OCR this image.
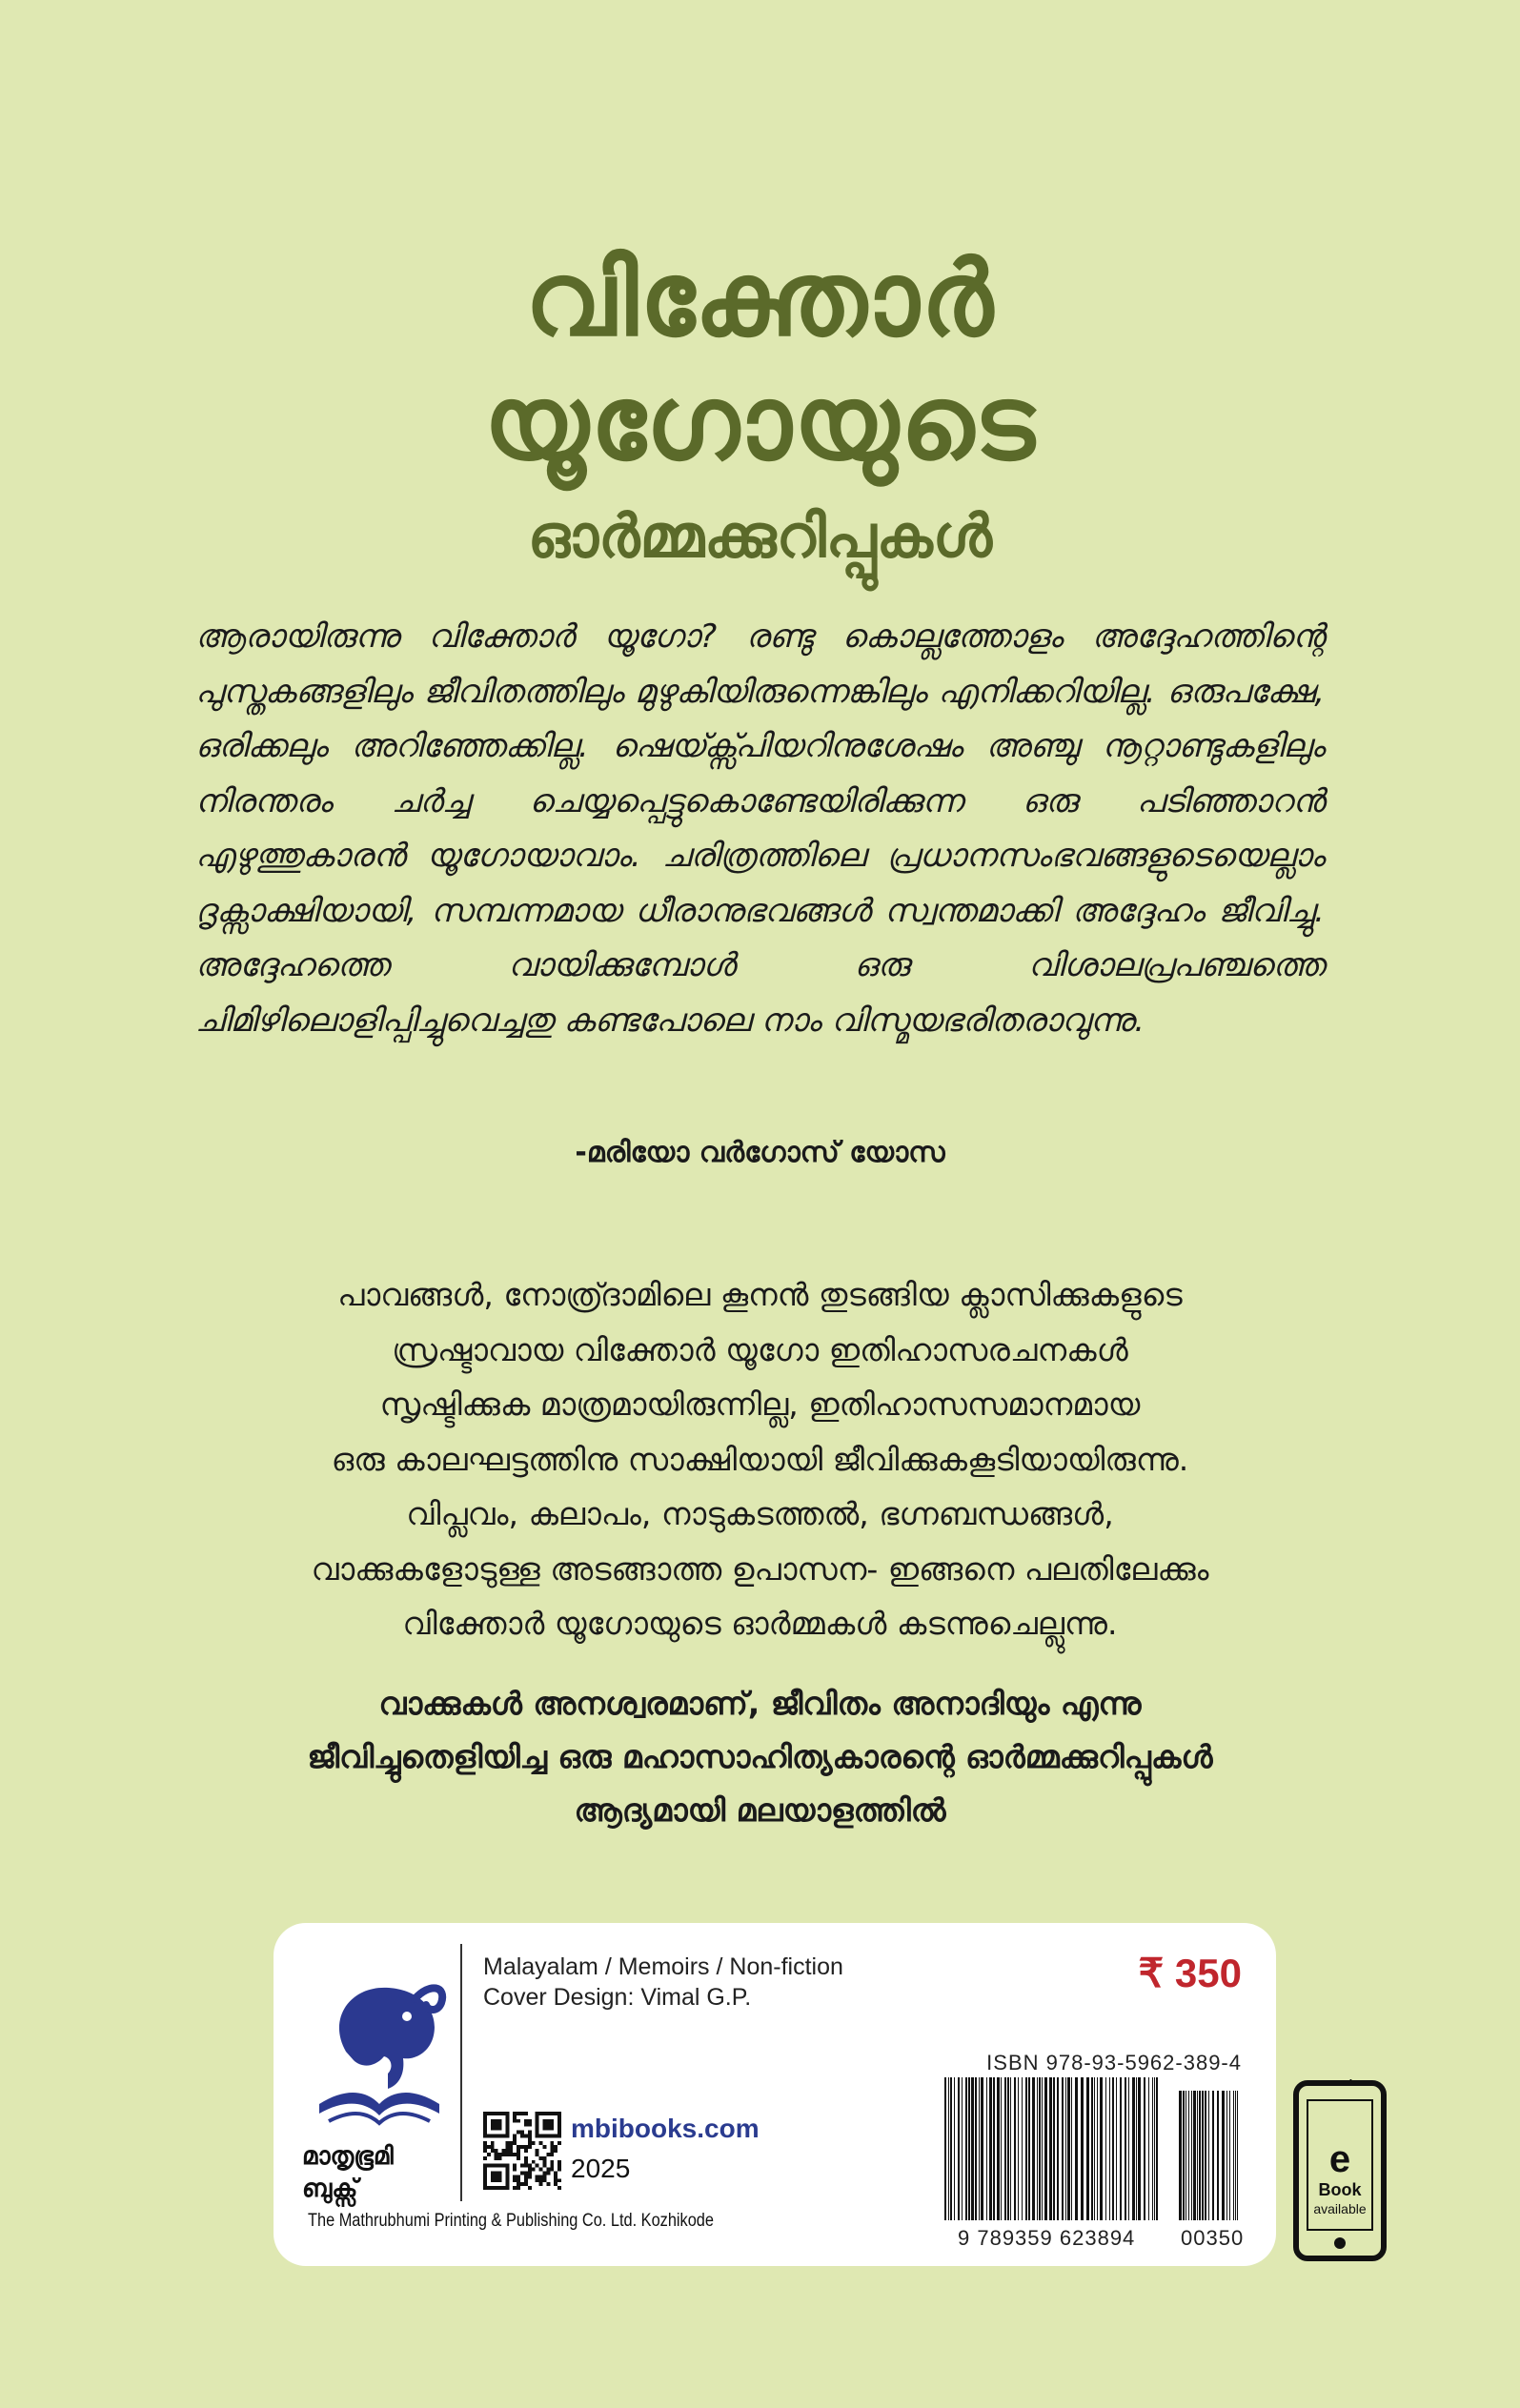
വിക്തോർ
യൂഗോയുടെ
ഓർമ്മക്കുറിപ്പുകൾ
ആരായിരുന്നു വിക്തോർ യൂഗോ? രണ്ടു കൊല്ലത്തോളം അദ്ദേഹത്തിന്റെ പുസ്തകങ്ങളിലും ജീവിതത്തിലും മുഴുകിയിരുന്നെങ്കിലും എനിക്കറിയില്ല. ഒരുപക്ഷേ, ഒരിക്കലും അറിഞ്ഞേക്കില്ല. ഷെയ്ക്സ്പിയറിനുശേഷം അഞ്ചു നൂറ്റാണ്ടുകളിലും നിരന്തരം ചർച്ച ചെയ്യപ്പെട്ടുകൊണ്ടേയിരിക്കുന്ന ഒരു പടിഞ്ഞാറൻ എഴുത്തുകാരൻ യൂഗോയാവാം. ചരിത്രത്തിലെ പ്രധാനസംഭവങ്ങളുടെയെല്ലാം ദൃക്സാക്ഷിയായി, സമ്പന്നമായ ധീരാനുഭവങ്ങൾ സ്വന്തമാക്കി അദ്ദേഹം ജീവിച്ചു. അദ്ദേഹത്തെ വായിക്കുമ്പോൾ ഒരു വിശാലപ്രപഞ്ചത്തെ ചിമിഴിലൊളിപ്പിച്ചുവെച്ചതു കണ്ടപോലെ നാം വിസ്മയഭരിതരാവുന്നു.
-മരിയോ വർഗോസ് യോസ
പാവങ്ങൾ, നോത്ര്ദാമിലെ കൂനൻ തുടങ്ങിയ ക്ലാസിക്കുകളുടെ
സ്രഷ്ടാവായ വിക്തോർ യൂഗോ ഇതിഹാസരചനകൾ
സൃഷ്ടിക്കുക മാത്രമായിരുന്നില്ല, ഇതിഹാസസമാനമായ
ഒരു കാലഘട്ടത്തിനു സാക്ഷിയായി ജീവിക്കുകകൂടിയായിരുന്നു.
വിപ്ലവം, കലാപം, നാടുകടത്തൽ, ഭഗ്നബന്ധങ്ങൾ,
വാക്കുകളോടുള്ള അടങ്ങാത്ത ഉപാസന- ഇങ്ങനെ പലതിലേക്കും
വിക്തോർ യൂഗോയുടെ ഓർമ്മകൾ കടന്നുചെല്ലുന്നു.
വാക്കുകൾ അനശ്വരമാണ്, ജീവിതം അനാദിയും എന്നു
ജീവിച്ചുതെളിയിച്ച ഒരു മഹാസാഹിത്യകാരന്റെ ഓർമ്മക്കുറിപ്പുകൾ
ആദ്യമായി മലയാളത്തിൽ
മാതൃഭൂമി
ബുക്സ്
The Mathrubhumi Printing & Publishing Co. Ltd. Kozhikode
Malayalam / Memoirs / Non-fiction
Cover Design: Vimal G.P.
₹ 350
ISBN 978-93-5962-389-4
9 789359 623894 00350
mbibooks.com
2025	e
Book
available
